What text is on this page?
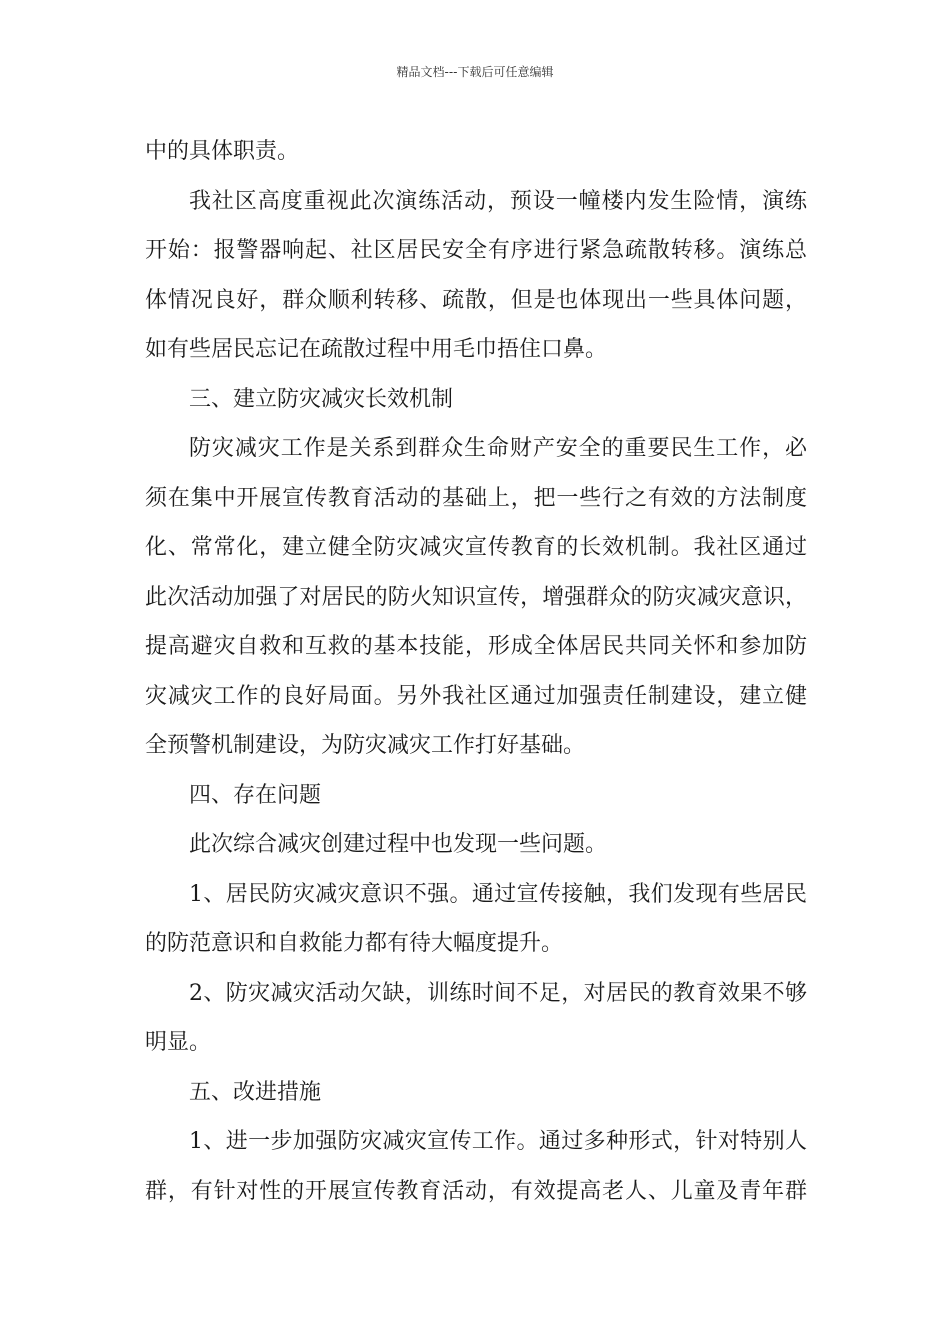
精品文档---下载后可任意编辑

中的具体职责。

我社区高度重视此次演练活动，预设一幢楼内发生险情，演练
开始：报警器响起、社区居民安全有序进行紧急疏散转移。演练总
体情况良好，群众顺利转移、疏散，但是也体现出一些具体问题，
如有些居民忘记在疏散过程中用毛巾捂住口鼻。

三、建立防灾减灾长效机制

防灾减灾工作是关系到群众生命财产安全的重要民生工作，必
须在集中开展宣传教育活动的基础上，把一些行之有效的方法制度
化、常常化，建立健全防灾减灾宣传教育的长效机制。我社区通过
此次活动加强了对居民的防火知识宣传，增强群众的防灾减灾意识，
提高避灾自救和互救的基本技能，形成全体居民共同关怀和参加防
灾减灾工作的良好局面。另外我社区通过加强责任制建设，建立健
全预警机制建设，为防灾减灾工作打好基础。

四、存在问题

此次综合减灾创建过程中也发现一些问题。

1、居民防灾减灾意识不强。通过宣传接触，我们发现有些居民
的防范意识和自救能力都有待大幅度提升。

2、防灾减灾活动欠缺，训练时间不足，对居民的教育效果不够
明显。

五、改进措施

1、进一步加强防灾减灾宣传工作。通过多种形式，针对特别人
群，有针对性的开展宣传教育活动，有效提高老人、儿童及青年群
